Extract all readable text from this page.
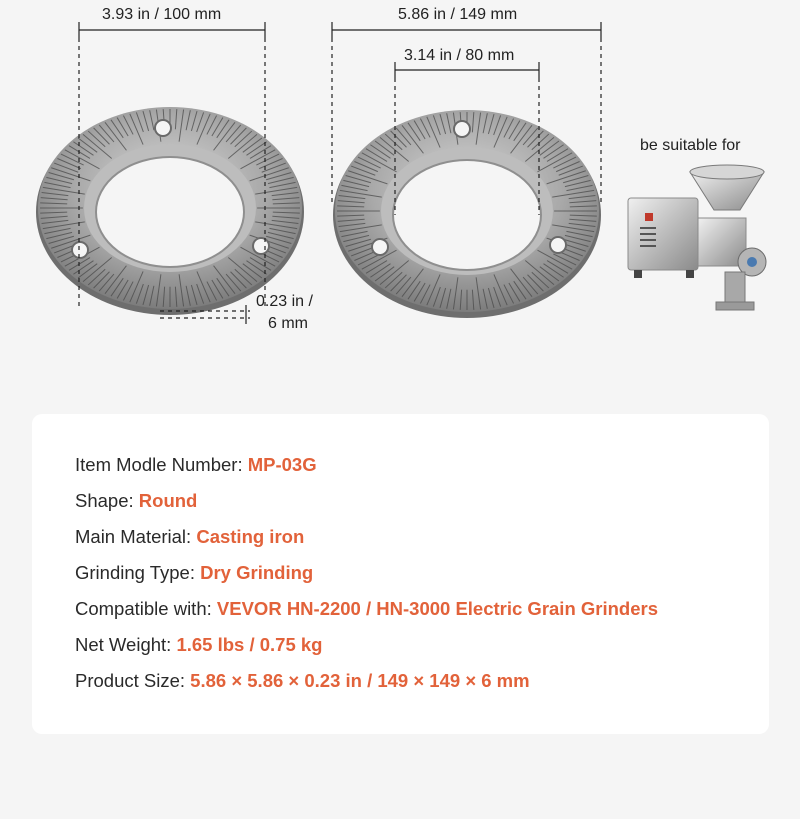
3.93 in / 100 mm	5.86 in / 149 mm
3.14 in / 80 mm
0.23 in /
6 mm
be suitable for
Item Modle Number: MP-03G
Shape: Round
Main Material: Casting iron
Grinding Type: Dry Grinding
Compatible with: VEVOR HN-2200 / HN-3000 Electric Grain Grinders
Net Weight: 1.65 lbs / 0.75 kg
Product Size: 5.86 × 5.86 × 0.23 in / 149 × 149 × 6 mm
